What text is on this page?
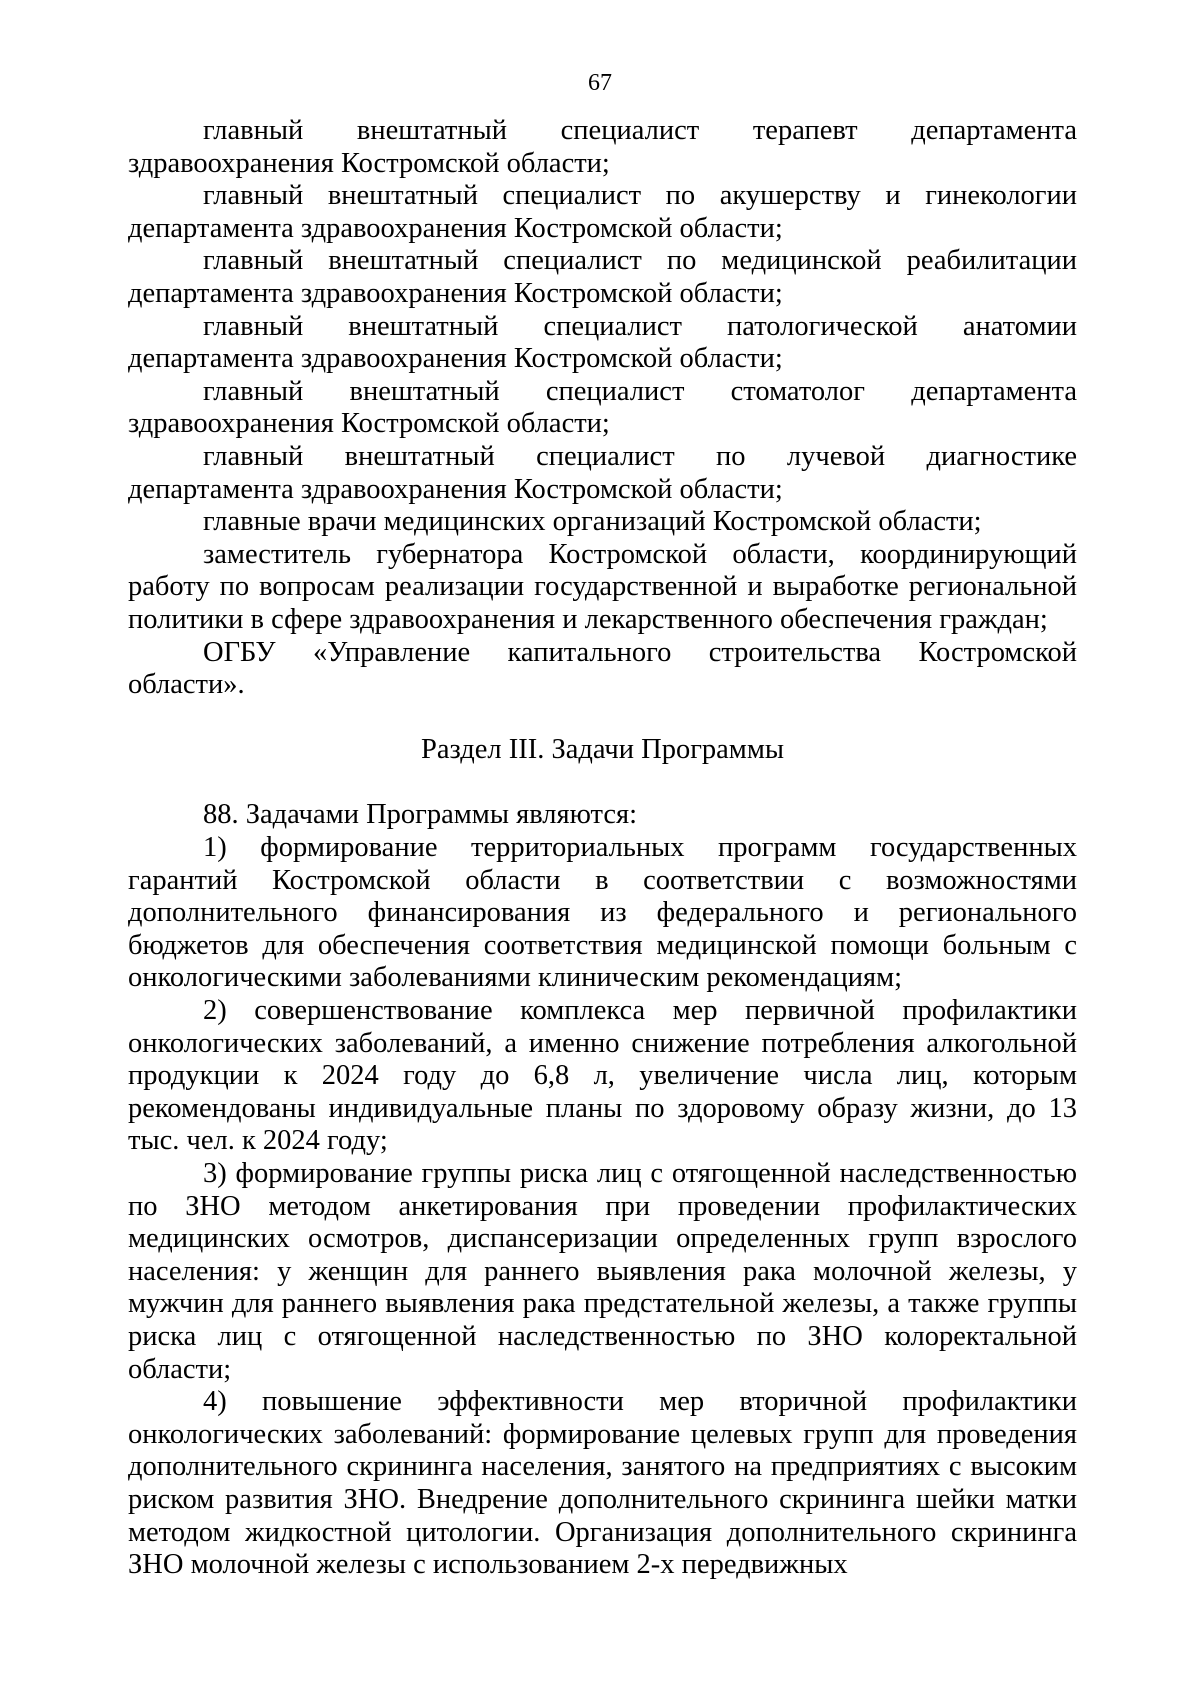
67

главный внештатный специалист терапевт департамента здравоохранения Костромской области;

главный внештатный специалист по акушерству и гинекологии департамента здравоохранения Костромской области;

главный внештатный специалист по медицинской реабилитации департамента здравоохранения Костромской области;

главный внештатный специалист патологической анатомии департамента здравоохранения Костромской области;

главный внештатный специалист стоматолог департамента здравоохранения Костромской области;

главный внештатный специалист по лучевой диагностике департамента здравоохранения Костромской области;

главные врачи медицинских организаций Костромской области;

заместитель губернатора Костромской области, координирующий работу по вопросам реализации государственной и выработке региональной политики в сфере здравоохранения и лекарственного обеспечения граждан;

ОГБУ «Управление капитального строительства Костромской области».

Раздел III. Задачи Программы

88. Задачами Программы являются:

1) формирование территориальных программ государственных гарантий Костромской области в соответствии с возможностями дополнительного финансирования из федерального и регионального бюджетов для обеспечения соответствия медицинской помощи больным с онкологическими заболеваниями клиническим рекомендациям;

2) совершенствование комплекса мер первичной профилактики онкологических заболеваний, а именно снижение потребления алкогольной продукции к 2024 году до 6,8 л, увеличение числа лиц, которым рекомендованы индивидуальные планы по здоровому образу жизни, до 13 тыс. чел. к 2024 году;

3) формирование группы риска лиц с отягощенной наследственностью по ЗНО методом анкетирования при проведении профилактических медицинских осмотров, диспансеризации определенных групп взрослого населения: у женщин для раннего выявления рака молочной железы, у мужчин для раннего выявления рака предстательной железы, а также группы риска лиц с отягощенной наследственностью по ЗНО колоректальной области;

4) повышение эффективности мер вторичной профилактики онкологических заболеваний: формирование целевых групп для проведения дополнительного скрининга населения, занятого на предприятиях с высоким риском развития ЗНО. Внедрение дополнительного скрининга шейки матки методом жидкостной цитологии. Организация дополнительного скрининга ЗНО молочной железы с использованием 2-х передвижных
